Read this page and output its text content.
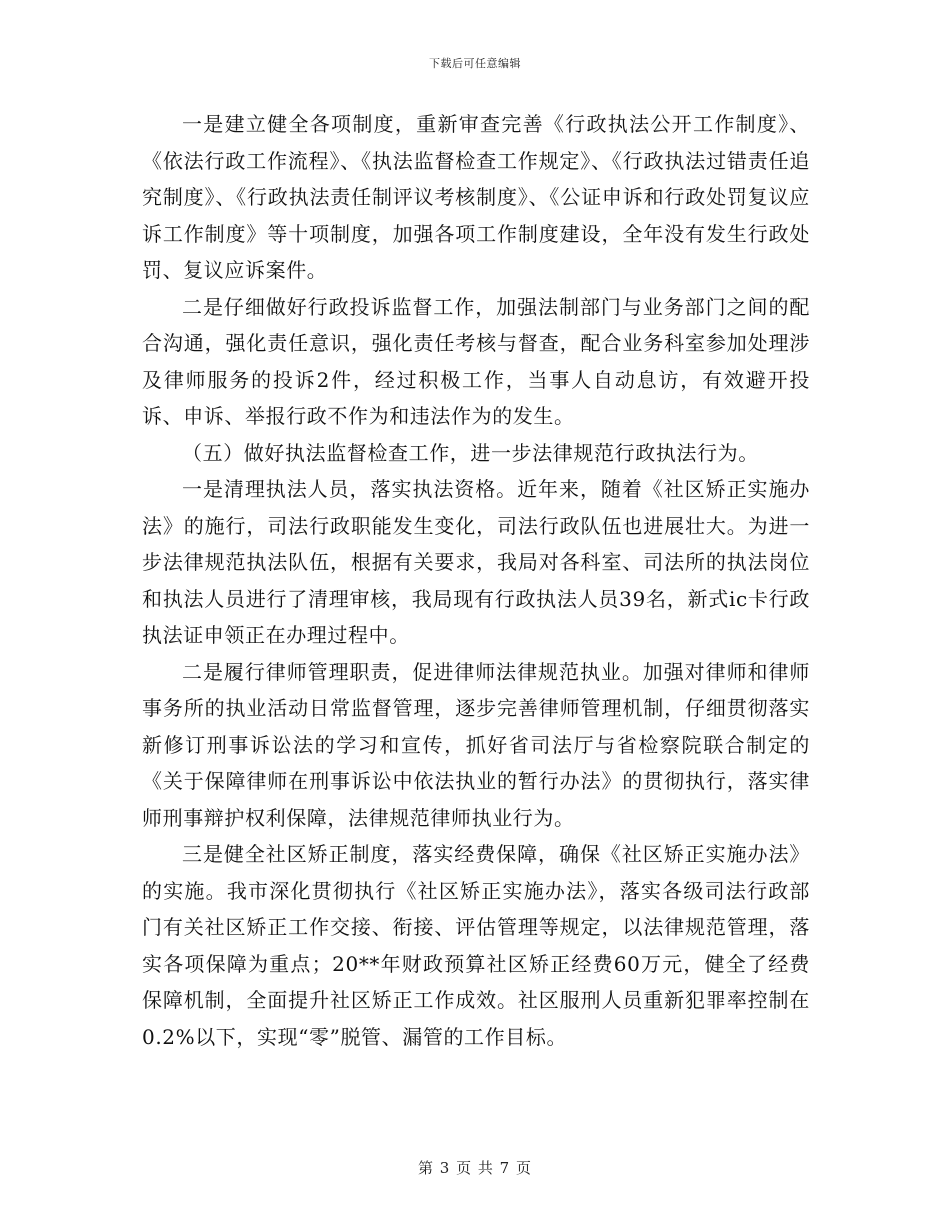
下载后可任意编辑

一是建立健全各项制度，重新审查完善《行政执法公开工作制度》、《依法行政工作流程》、《执法监督检查工作规定》、《行政执法过错责任追究制度》、《行政执法责任制评议考核制度》、《公证申诉和行政处罚复议应诉工作制度》等十项制度，加强各项工作制度建设，全年没有发生行政处罚、复议应诉案件。

二是仔细做好行政投诉监督工作，加强法制部门与业务部门之间的配合沟通，强化责任意识，强化责任考核与督查，配合业务科室参加处理涉及律师服务的投诉2件，经过积极工作，当事人自动息访，有效避开投诉、申诉、举报行政不作为和违法作为的发生。

（五）做好执法监督检查工作，进一步法律规范行政执法行为。

一是清理执法人员，落实执法资格。近年来，随着《社区矫正实施办法》的施行，司法行政职能发生变化，司法行政队伍也进展壮大。为进一步法律规范执法队伍，根据有关要求，我局对各科室、司法所的执法岗位和执法人员进行了清理审核，我局现有行政执法人员39名，新式ic卡行政执法证申领正在办理过程中。

二是履行律师管理职责，促进律师法律规范执业。加强对律师和律师事务所的执业活动日常监督管理，逐步完善律师管理机制，仔细贯彻落实新修订刑事诉讼法的学习和宣传，抓好省司法厅与省检察院联合制定的《关于保障律师在刑事诉讼中依法执业的暂行办法》的贯彻执行，落实律师刑事辩护权利保障，法律规范律师执业行为。

三是健全社区矫正制度，落实经费保障，确保《社区矫正实施办法》的实施。我市深化贯彻执行《社区矫正实施办法》，落实各级司法行政部门有关社区矫正工作交接、衔接、评估管理等规定，以法律规范管理，落实各项保障为重点；20**年财政预算社区矫正经费60万元，健全了经费保障机制，全面提升社区矫正工作成效。社区服刑人员重新犯罪率控制在0.2%以下，实现“零”脱管、漏管的工作目标。

第 3 页 共 7 页
